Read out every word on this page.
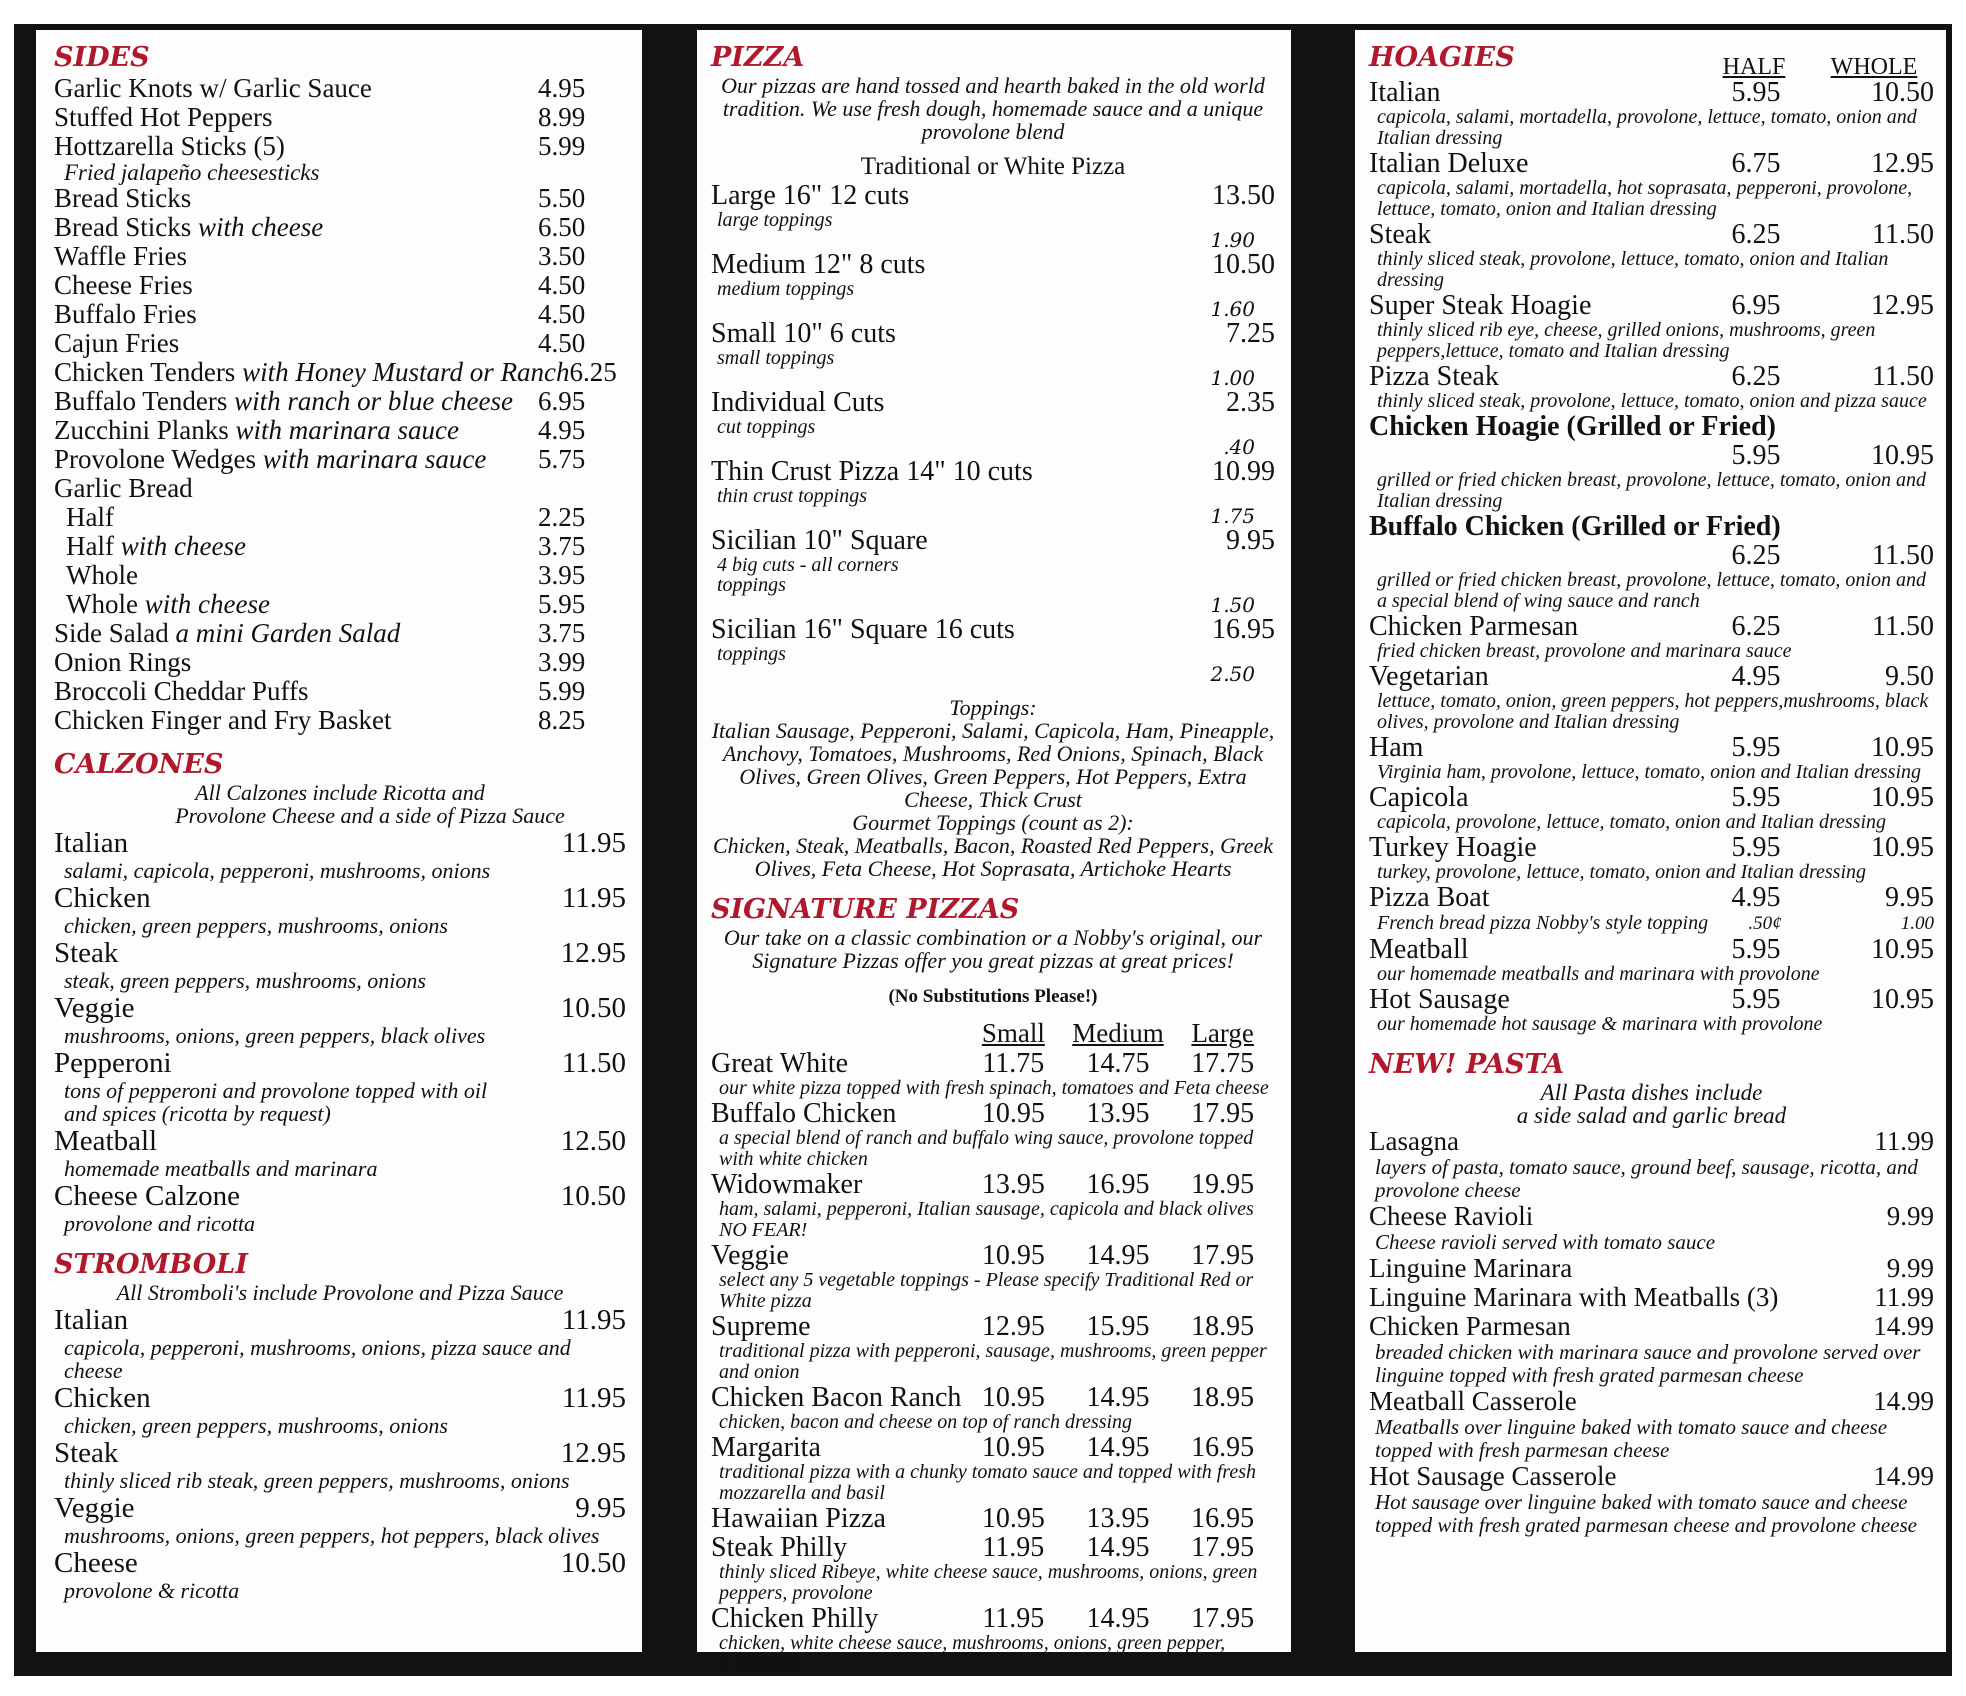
SIDES
Garlic Knots w/ Garlic Sauce	4.95
Stuffed Hot Peppers	8.99
Hottzarella Sticks (5)	5.99
Fried jalapeño cheesesticks
Bread Sticks	5.50
Bread Sticks with cheese	6.50
Waffle Fries	3.50
Cheese Fries	4.50
Buffalo Fries	4.50
Cajun Fries	4.50
Chicken Tenders with Honey Mustard or Ranch 6.25
Buffalo Tenders with ranch or blue cheese 6.95
Zucchini Planks with marinara sauce	4.95
Provolone Wedges with marinara sauce	5.75
Garlic Bread
Half	2.25
Half with cheese	3.75
Whole	3.95
Whole with cheese	5.95
Side Salad a mini Garden Salad	3.75
Onion Rings	3.99
Broccoli Cheddar Puffs	5.99
Chicken Finger and Fry Basket	8.25
CALZONES
All Calzones include Ricotta and
Provolone Cheese and a side of Pizza Sauce
Italian	11.95
salami, capicola, pepperoni, mushrooms, onions
Chicken	11.95
chicken, green peppers, mushrooms, onions
Steak	12.95
steak, green peppers, mushrooms, onions
Veggie	10.50
mushrooms, onions, green peppers, black olives
Pepperoni	11.50
tons of pepperoni and provolone topped with oil
and spices (ricotta by request)
Meatball	12.50
homemade meatballs and marinara
Cheese Calzone	10.50
provolone and ricotta
STROMBOLI
All Stromboli's include Provolone and Pizza Sauce
Italian	11.95
capicola, pepperoni, mushrooms, onions, pizza sauce and cheese
Chicken	11.95
chicken, green peppers, mushrooms, onions
Steak	12.95
thinly sliced rib steak, green peppers, mushrooms, onions
Veggie	9.95
mushrooms, onions, green peppers, hot peppers, black olives
Cheese	10.50
provolone & ricotta
PIZZA
Our pizzas are hand tossed and hearth baked in the old world tradition. We use fresh dough, homemade sauce and a unique provolone blend
Traditional or White Pizza
Large 16" 12 cuts	13.50
large toppings
1.90
Medium 12" 8 cuts	10.50
medium toppings
1.60
Small 10" 6 cuts	7.25
small toppings
1.00
Individual Cuts	2.35
cut toppings
.40
Thin Crust Pizza 14" 10 cuts	10.99
thin crust toppings
1.75
Sicilian 10" Square	9.95
4 big cuts - all corners
toppings
1.50
Sicilian 16" Square 16 cuts	16.95
toppings
2.50
Toppings:
Italian Sausage, Pepperoni, Salami, Capicola, Ham, Pineapple, Anchovy, Tomatoes, Mushrooms, Red Onions, Spinach, Black Olives, Green Olives, Green Peppers, Hot Peppers, Extra Cheese, Thick Crust
Gourmet Toppings (count as 2):
Chicken, Steak, Meatballs, Bacon, Roasted Red Peppers, Greek Olives, Feta Cheese, Hot Soprasata, Artichoke Hearts
SIGNATURE PIZZAS
Our take on a classic combination or a Nobby's original, our Signature Pizzas offer you great pizzas at great prices!
(No Substitutions Please!)
Small	Medium	Large
Great White	11.75	14.75	17.75
our white pizza topped with fresh spinach, tomatoes and Feta cheese
Buffalo Chicken	10.95	13.95	17.95
a special blend of ranch and buffalo wing sauce, provolone topped with white chicken
Widowmaker	13.95	16.95	19.95
ham, salami, pepperoni, Italian sausage, capicola and black olives NO FEAR!
Veggie	10.95	14.95	17.95
select any 5 vegetable toppings - Please specify Traditional Red or White pizza
Supreme	12.95	15.95	18.95
traditional pizza with pepperoni, sausage, mushrooms, green pepper and onion
Chicken Bacon Ranch 10.95	14.95	18.95
chicken, bacon and cheese on top of ranch dressing
Margarita	10.95	14.95	16.95
traditional pizza with a chunky tomato sauce and topped with fresh mozzarella and basil
Hawaiian Pizza	10.95	13.95	16.95
Steak Philly	11.95	14.95	17.95
thinly sliced Ribeye, white cheese sauce, mushrooms, onions, green peppers, provolone
Chicken Philly	11.95	14.95	17.95
chicken, white cheese sauce, mushrooms, onions, green pepper, provolone
HOAGIES	HALF	WHOLE
Italian	5.95	10.50
capicola, salami, mortadella, provolone, lettuce, tomato, onion and Italian dressing
Italian Deluxe	6.75	12.95
capicola, salami, mortadella, hot soprasata, pepperoni, provolone, lettuce, tomato, onion and Italian dressing
Steak	6.25	11.50
thinly sliced steak, provolone, lettuce, tomato, onion and Italian dressing
Super Steak Hoagie	6.95	12.95
thinly sliced rib eye, cheese, grilled onions, mushrooms, green peppers,lettuce, tomato and Italian dressing
Pizza Steak	6.25	11.50
thinly sliced steak, provolone, lettuce, tomato, onion and pizza sauce
Chicken Hoagie (Grilled or Fried)
5.95	10.95
grilled or fried chicken breast, provolone, lettuce, tomato, onion and Italian dressing
Buffalo Chicken (Grilled or Fried)
6.25	11.50
grilled or fried chicken breast, provolone, lettuce, tomato, onion and a special blend of wing sauce and ranch
Chicken Parmesan	6.25	11.50
fried chicken breast, provolone and marinara sauce
Vegetarian	4.95	9.50
lettuce, tomato, onion, green peppers, hot peppers,mushrooms, black olives, provolone and Italian dressing
Ham	5.95	10.95
Virginia ham, provolone, lettuce, tomato, onion and Italian dressing
Capicola	5.95	10.95
capicola, provolone, lettuce, tomato, onion and Italian dressing
Turkey Hoagie	5.95	10.95
turkey, provolone, lettuce, tomato, onion and Italian dressing
Pizza Boat	4.95	9.95
French bread pizza Nobby's style topping	.50¢	1.00
Meatball	5.95	10.95
our homemade meatballs and marinara with provolone
Hot Sausage	5.95	10.95
our homemade hot sausage & marinara with provolone
NEW! PASTA
All Pasta dishes include
a side salad and garlic bread
Lasagna	11.99
layers of pasta, tomato sauce, ground beef, sausage, ricotta, and provolone cheese
Cheese Ravioli	9.99
Cheese ravioli served with tomato sauce
Linguine Marinara	9.99
Linguine Marinara with Meatballs (3)	11.99
Chicken Parmesan	14.99
breaded chicken with marinara sauce and provolone served over linguine topped with fresh grated parmesan cheese
Meatball Casserole	14.99
Meatballs over linguine baked with tomato sauce and cheese topped with fresh parmesan cheese
Hot Sausage Casserole	14.99
Hot sausage over linguine baked with tomato sauce and cheese topped with fresh grated parmesan cheese and provolone cheese
